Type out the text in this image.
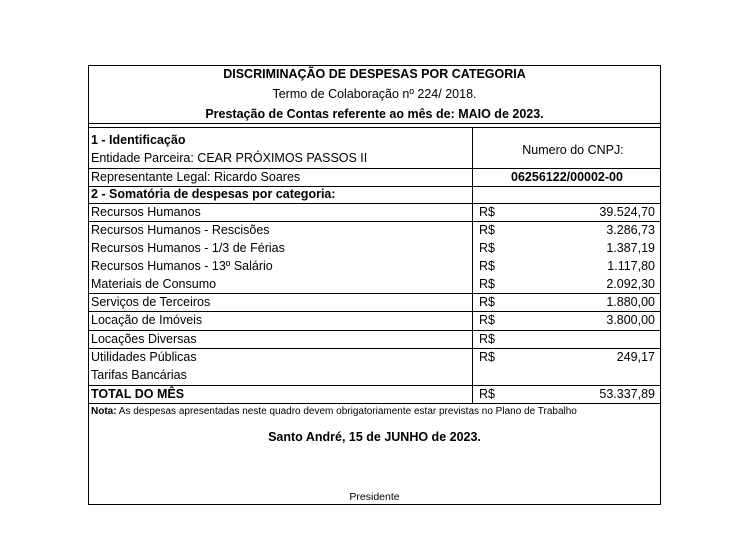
DISCRIMINAÇÃO DE DESPESAS POR CATEGORIA
Termo de Colaboração nº 224/ 2018.
Prestação de Contas referente ao mês de: MAIO de 2023.
1 - Identificação
Entidade Parceira: CEAR PRÓXIMOS PASSOS II
Numero do CNPJ:
Representante Legal: Ricardo Soares	06256122/00002-00
2 - Somatória de despesas por categoria:
Recursos Humanos	R$	39.524,70
Recursos Humanos - Rescisões	R$	3.286,73
Recursos Humanos - 1/3 de Férias	R$	1.387,19
Recursos Humanos - 13º Salário	R$	1.117,80
Materiais de Consumo	R$	2.092,30
Serviços de Terceiros	R$	1.880,00
Locação de Imóveis	R$	3.800,00
Locações Diversas	R$
Utilidades Públicas	R$	249,17
Tarifas Bancárias
TOTAL DO MÊS	R$	53.337,89
Nota: As despesas apresentadas neste quadro devem obrigatoriamente estar previstas no Plano de Trabalho
Santo André, 15 de JUNHO de 2023.
Presidente
